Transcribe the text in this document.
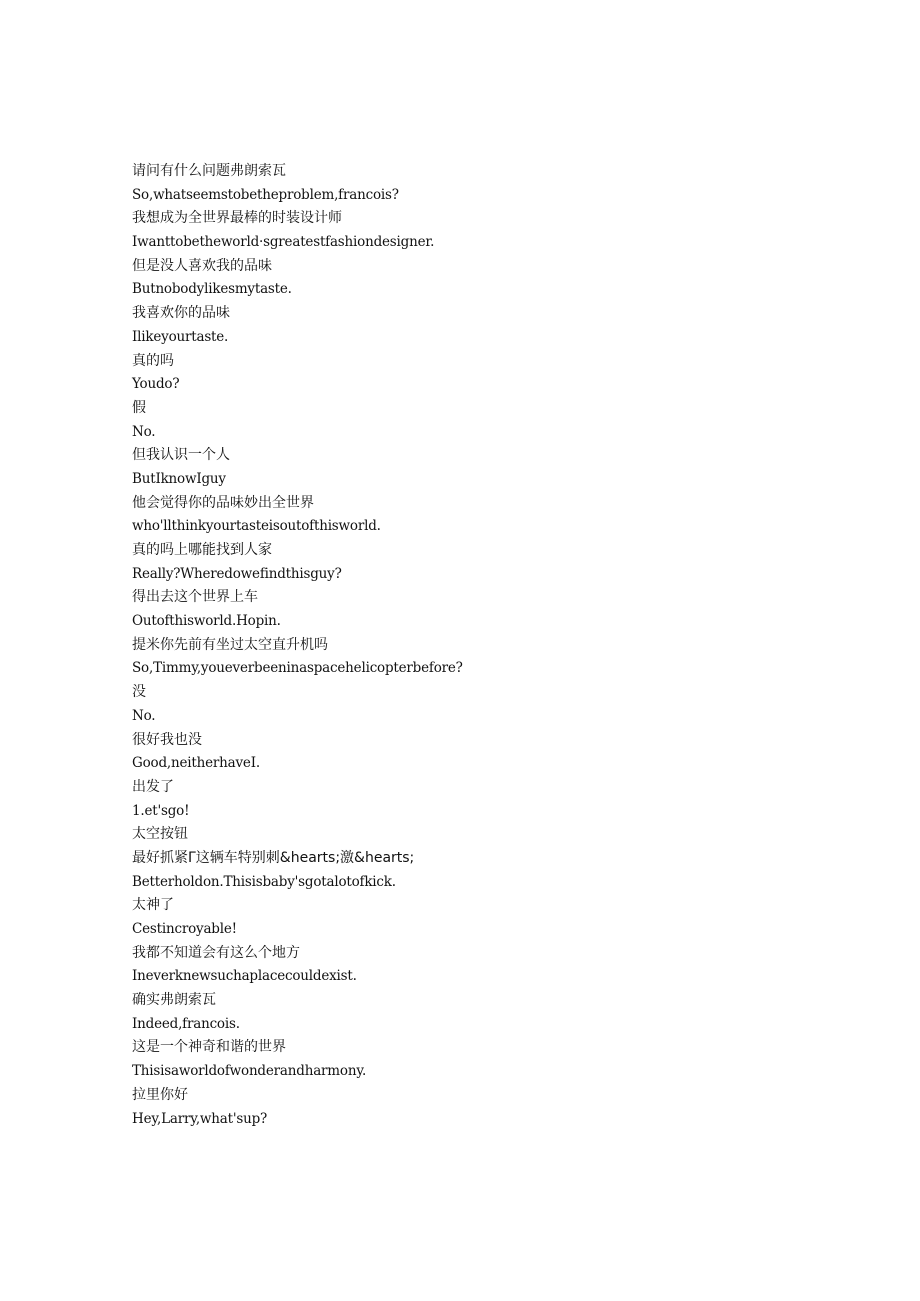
请问有什么问题弗朗索瓦
So,whatseemstobetheproblem,francois?
我想成为全世界最棒的时装设计师
Iwanttobetheworld·sgreatestfashiondesigner.
但是没人喜欢我的品味
Butnobodylikesmytaste.
我喜欢你的品味
Ilikeyourtaste.
真的吗
Youdo?
假
No.
但我认识一个人
ButIknowIguy
他会觉得你的品味妙出全世界
who'llthinkyourtasteisoutofthisworld.
真的吗上哪能找到人家
Really?Wheredowefindthisguy?
得出去这个世界上车
Outofthisworld.Hopin.
提米你先前有坐过太空直升机吗
So,Timmy,youeverbeeninaspacehelicopterbefore?
没
No.
很好我也没
Good,neitherhaveI.
出发了
1.et'sgo!
太空按钮
最好抓紧Γ这辆车特别刺&hearts;激&hearts;
Betterholdon.Thisisbaby'sgotalotofkick.
太神了
Cestincroyable!
我都不知道会有这么个地方
Ineverknewsuchaplacecouldexist.
确实弗朗索瓦
Indeed,francois.
这是一个神奇和谐的世界
Thisisaworldofwonderandharmony.
拉里你好
Hey,Larry,what'sup?
